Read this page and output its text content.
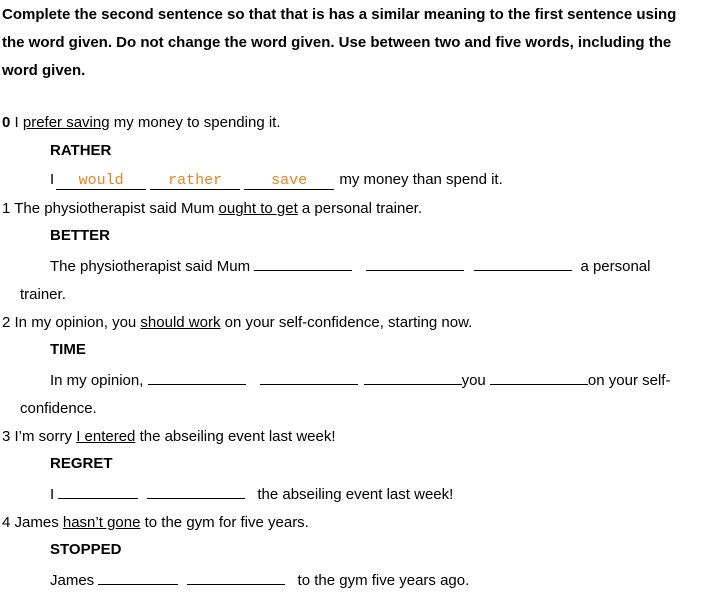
Complete the second sentence so that that is has a similar meaning to the first sentence using the word given. Do not change the word given. Use between two and five words, including the word given.
0 I prefer saving my money to spending it.
RATHER
I would	rather	save my money than spend it.
1 The physiotherapist said Mum ought to get a personal trainer.
BETTER
The physiotherapist said Mum	a personal
trainer.
2 In my opinion, you should work on your self-confidence, starting now.
TIME
In my opinion,	you	on your self-
confidence.
3 I’m sorry I entered the abseiling event last week!
REGRET
I	the abseiling event last week!
4 James hasn’t gone to the gym for five years.
STOPPED
James	to the gym five years ago.
